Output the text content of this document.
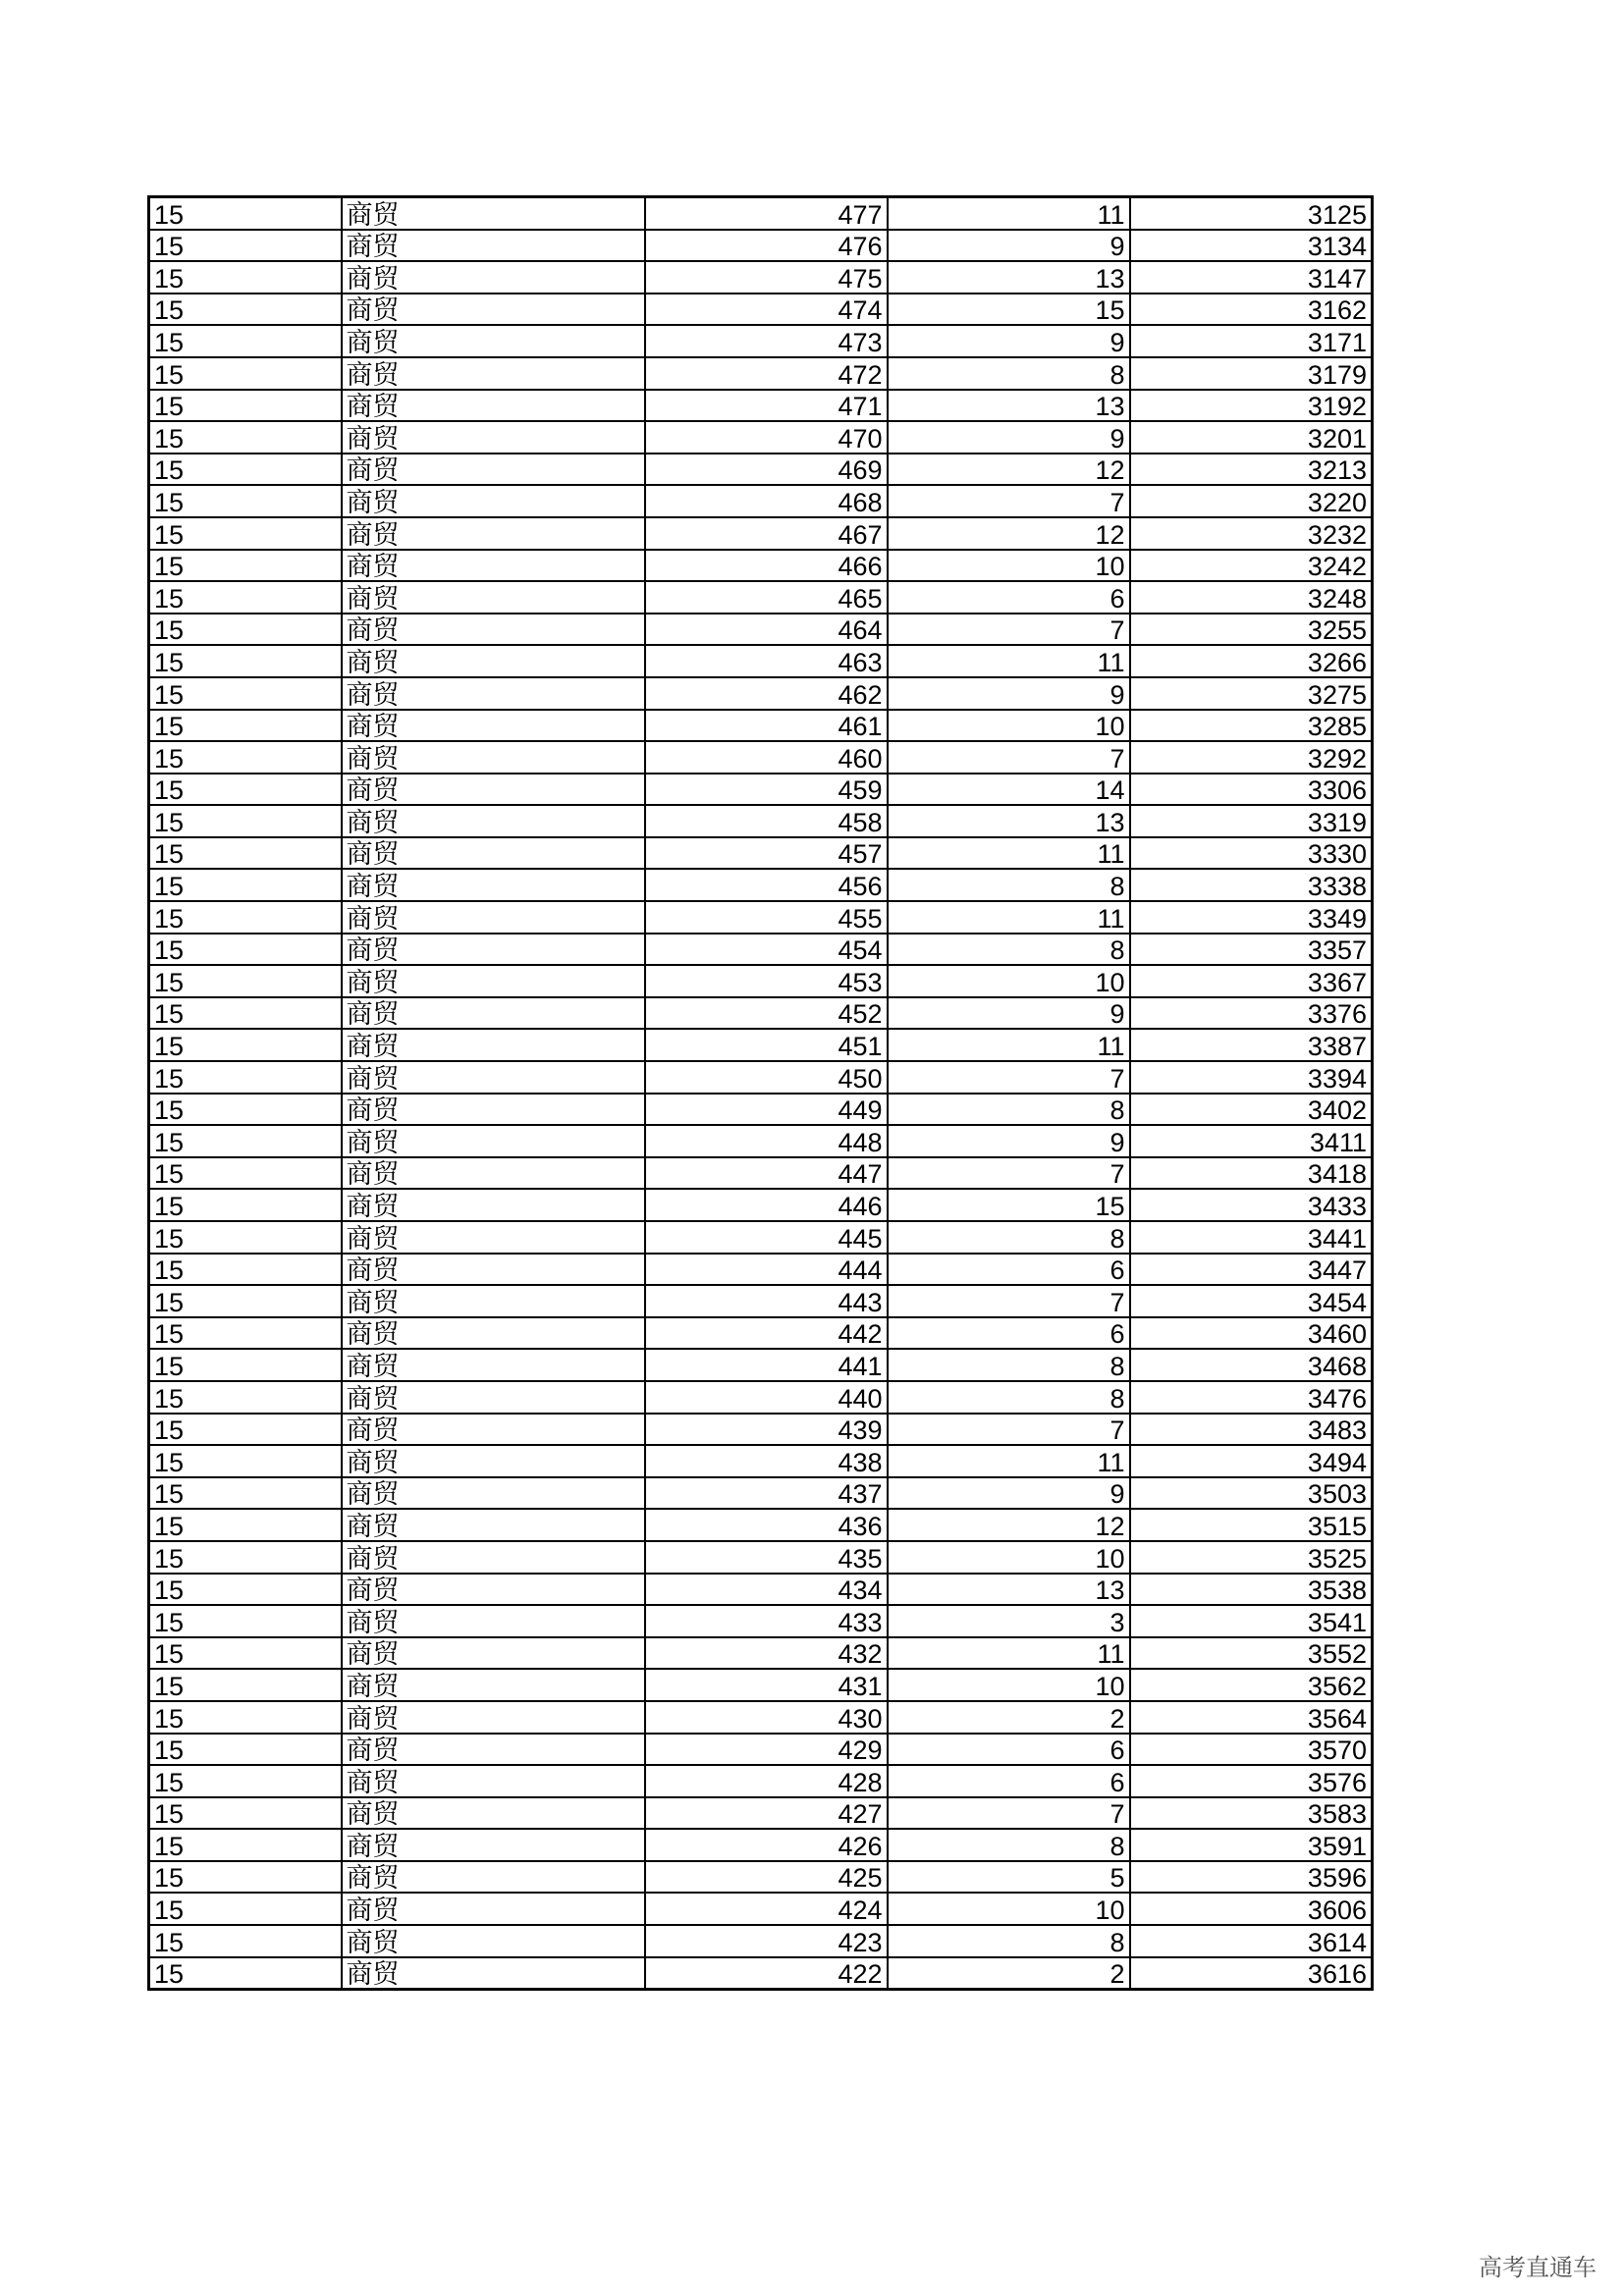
15	商贸	477	11	3125
15	商贸	476	9	3134
15	商贸	475	13	3147
15	商贸	474	15	3162
15	商贸	473	9	3171
15	商贸	472	8	3179
15	商贸	471	13	3192
15	商贸	470	9	3201
15	商贸	469	12	3213
15	商贸	468	7	3220
15	商贸	467	12	3232
15	商贸	466	10	3242
15	商贸	465	6	3248
15	商贸	464	7	3255
15	商贸	463	11	3266
15	商贸	462	9	3275
15	商贸	461	10	3285
15	商贸	460	7	3292
15	商贸	459	14	3306
15	商贸	458	13	3319
15	商贸	457	11	3330
15	商贸	456	8	3338
15	商贸	455	11	3349
15	商贸	454	8	3357
15	商贸	453	10	3367
15	商贸	452	9	3376
15	商贸	451	11	3387
15	商贸	450	7	3394
15	商贸	449	8	3402
15	商贸	448	9	3411
15	商贸	447	7	3418
15	商贸	446	15	3433
15	商贸	445	8	3441
15	商贸	444	6	3447
15	商贸	443	7	3454
15	商贸	442	6	3460
15	商贸	441	8	3468
15	商贸	440	8	3476
15	商贸	439	7	3483
15	商贸	438	11	3494
15	商贸	437	9	3503
15	商贸	436	12	3515
15	商贸	435	10	3525
15	商贸	434	13	3538
15	商贸	433	3	3541
15	商贸	432	11	3552
15	商贸	431	10	3562
15	商贸	430	2	3564
15	商贸	429	6	3570
15	商贸	428	6	3576
15	商贸	427	7	3583
15	商贸	426	8	3591
15	商贸	425	5	3596
15	商贸	424	10	3606
15	商贸	423	8	3614
15	商贸	422	2	3616
高考直通车
